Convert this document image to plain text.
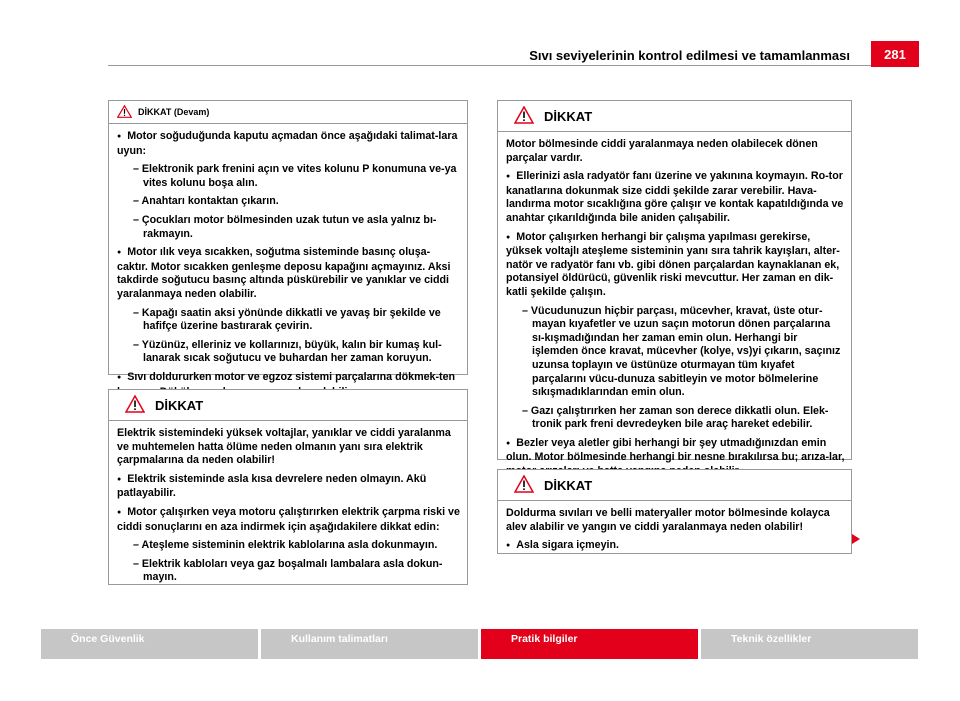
Sıvı seviyelerinin kontrol edilmesi ve tamamlanması	281
DİKKAT (Devam)

● Motor soğuduğunda kaputu açmadan önce aşağıdaki talimat-lara uyun:

– Elektronik park frenini açın ve vites kolunu P konumuna ve-ya vites kolunu boşa alın.

– Anahtarı kontaktan çıkarın.

– Çocukları motor bölmesinden uzak tutun ve asla yalnız bı-rakmayın.

● Motor ılık veya sıcakken, soğutma sisteminde basınç oluşa-caktır. Motor sıcakken genleşme deposu kapağını açmayınız. Aksi takdirde soğutucu basınç altında püskürebilir ve yanıklar ve ciddi yaralanmaya neden olabilir.

– Kapağı saatin aksi yönünde dikkatli ve yavaş bir şekilde ve hafifçe üzerine bastırarak çevirin.

– Yüzünüz, elleriniz ve kollarınızı, büyük, kalın bir kumaş kul-lanarak sıcak soğutucu ve buhardan her zaman koruyun.

● Sıvı doldururken motor ve egzoz sistemi parçalarına dökmek-ten

DİKKAT

Elektrik sistemindeki yüksek voltajlar, yanıklar ve ciddi yaralanma ve muhtemelen hatta ölüme neden olmanın yanı sıra elektrik çarpmalarına da neden olabilir!

● Elektrik sisteminde asla kısa devrelere neden olmayın. Akü patlayabilir.

● Motor çalışırken veya motoru çalıştırırken elektrik çarpma riski ve ciddi sonuçlarını en aza indirmek için aşağıdakilere dikkat edin:

– Ateşleme sisteminin elektrik kablolarına asla dokunmayın.

– Elektrik kabloları veya gaz boşalmalı lambalara asla dokun-mayın.

DİKKAT

Motor bölmesinde ciddi yaralanmaya neden olabilecek dönen parçalar vardır.

● Ellerinizi asla radyatör fanı üzerine ve yakınına koymayın. Ro-tor kanatlarına dokunmak size ciddi şekilde zarar verebilir. Hava-landırma motor sıcaklığına göre çalışır ve kontak kapatıldığında ve anahtar çıkarıldığında bile aniden çalışabilir.

● Motor çalışırken herhangi bir çalışma yapılması gerekirse, yüksek voltajlı ateşleme sisteminin yanı sıra tahrik kayışları, alter-natör ve radyatör fanı vb. gibi dönen parçalardan kaynaklanan ek, potansiyel öldürücü, güvenlik riski mevcuttur. Her zaman en dik-katli şekilde çalışın.

– Vücudunuzun hiçbir parçası, mücevher, kravat, üste otur-mayan kıyafetler ve uzun saçın motorun dönen parçalarına sı-kışmadığından her zaman emin olun. Herhangi bir işlemden önce kravat, mücevher (kolye, vs)yi çıkarın, saçınız uzunsa toplayın ve üstünüze oturmayan tüm kıyafet parçalarını vücu-dunuza sabitleyin ve motor bölmelerine sıkışmadıklarından emin olun.

– Gazı çalıştırırken her zaman son derece dikkatli olun. Elek-tronik park freni devredeyken bile araç hareket edebilir.

● Bezler veya aletler gibi herhangi bir şey utmadığınızdan emin olun. Motor bölmesinde herhangi bir nesne bırakılırsa bu; arıza-lar,

DİKKAT

Doldurma sıvıları ve belli materyaller motor bölmesinde kolayca alev alabilir ve yangın ve ciddi yaralanmaya neden olabilir!

● Asla sigara içmeyin.

Önce Güvenlik	Kullanım talimatları	Pratik bilgiler	Teknik özellikler
